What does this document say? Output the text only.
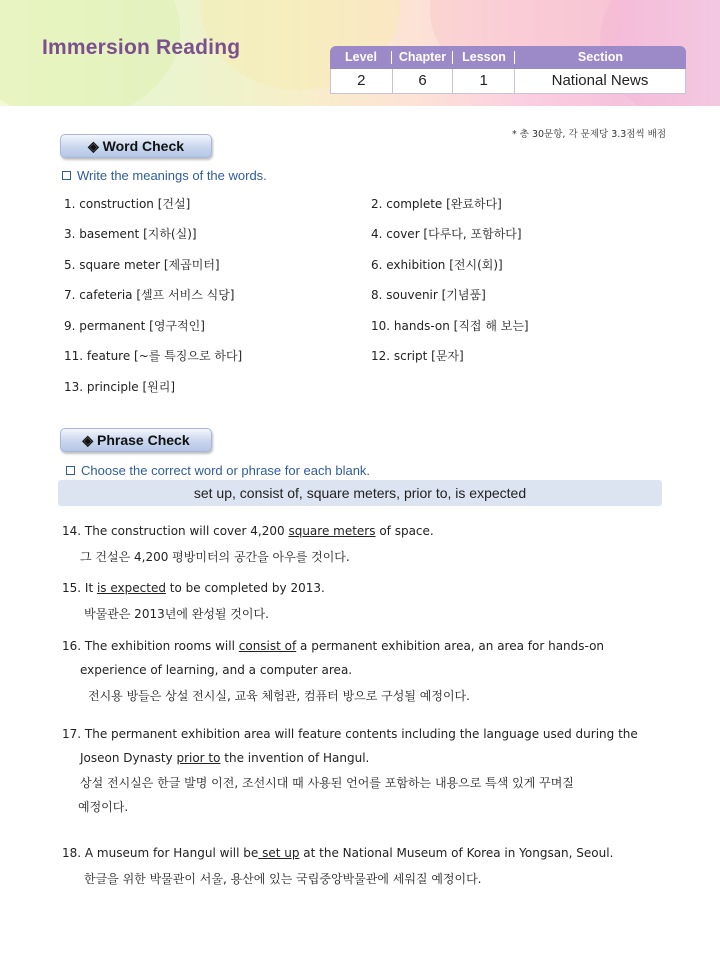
Immersion Reading	Level	Chapter	Lesson	Section
2	6	1	National News
* 총 30문항, 각 문제당 3.3점씩 배점
◈ Word Check
Write the meanings of the words.
1. construction [건설]	2. complete [완료하다]
3. basement [지하(실)]	4. cover [다루다, 포함하다]
5. square meter [제곱미터]	6. exhibition [전시(회)]
7. cafeteria [셀프 서비스 식당]	8. souvenir [기념품]
9. permanent [영구적인]	10. hands-on [직접 해 보는]
11. feature [~를 특징으로 하다]	12. script [문자]
13. principle [원리]
◈ Phrase Check
Choose the correct word or phrase for each blank.
set up, consist of, square meters, prior to, is expected
14. The construction will cover 4,200 square meters of space.
그 건설은 4,200 평방미터의 공간을 아우를 것이다.
15. It is expected to be completed by 2013.
박물관은 2013년에 완성될 것이다.
16. The exhibition rooms will consist of a permanent exhibition area, an area for hands-on
experience of learning, and a computer area.
전시용 방들은 상설 전시실, 교육 체험관, 컴퓨터 방으로 구성될 예정이다.
17. The permanent exhibition area will feature contents including the language used during the
Joseon Dynasty prior to the invention of Hangul.
상설 전시실은 한글 발명 이전, 조선시대 때 사용된 언어를 포함하는 내용으로 특색 있게 꾸며질
예정이다.
18. A museum for Hangul will be set up at the National Museum of Korea in Yongsan, Seoul.
한글을 위한 박물관이 서울, 용산에 있는 국립중앙박물관에 세워질 예정이다.
